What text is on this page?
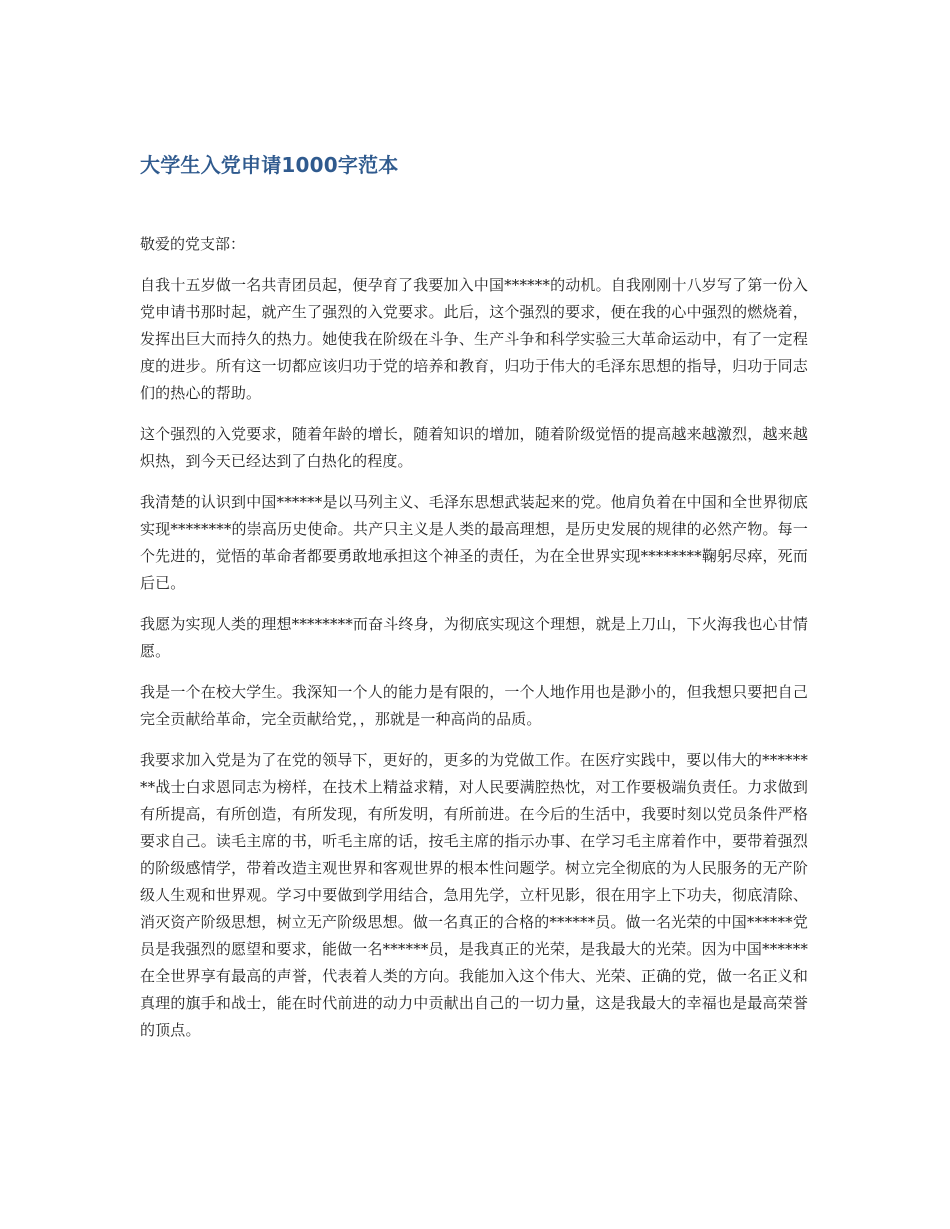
大学生入党申请1000字范本

敬爱的党支部：

自我十五岁做一名共青团员起，便孕育了我要加入中国******的动机。自我刚刚十八岁写了第一份入党申请书那时起，就产生了强烈的入党要求。此后，这个强烈的要求，便在我的心中强烈的燃烧着，发挥出巨大而持久的热力。她使我在阶级在斗争、生产斗争和科学实验三大革命运动中，有了一定程度的进步。所有这一切都应该归功于党的培养和教育，归功于伟大的毛泽东思想的指导，归功于同志们的热心的帮助。

这个强烈的入党要求，随着年龄的增长，随着知识的增加，随着阶级觉悟的提高越来越激烈，越来越炽热，到今天已经达到了白热化的程度。

我清楚的认识到中国******是以马列主义、毛泽东思想武装起来的党。他肩负着在中国和全世界彻底实现********的崇高历史使命。共产只主义是人类的最高理想，是历史发展的规律的必然产物。每一个先进的，觉悟的革命者都要勇敢地承担这个神圣的责任，为在全世界实现********鞠躬尽瘁，死而后已。

我愿为实现人类的理想********而奋斗终身，为彻底实现这个理想，就是上刀山，下火海我也心甘情愿。

我是一个在校大学生。我深知一个人的能力是有限的，一个人地作用也是渺小的，但我想只要把自己完全贡献给革命，完全贡献给党，，那就是一种高尚的品质。

我要求加入党是为了在党的领导下，更好的，更多的为党做工作。在医疗实践中，要以伟大的********战士白求恩同志为榜样，在技术上精益求精，对人民要满腔热忱，对工作要极端负责任。力求做到有所提高，有所创造，有所发现，有所发明，有所前进。在今后的生活中，我要时刻以党员条件严格要求自己。读毛主席的书，听毛主席的话，按毛主席的指示办事、在学习毛主席着作中，要带着强烈的阶级感情学，带着改造主观世界和客观世界的根本性问题学。树立完全彻底的为人民服务的无产阶级人生观和世界观。学习中要做到学用结合，急用先学，立杆见影，很在用字上下功夫，彻底清除、消灭资产阶级思想，树立无产阶级思想。做一名真正的合格的******员。做一名光荣的中国******党员是我强烈的愿望和要求，能做一名******员，是我真正的光荣，是我最大的光荣。因为中国******在全世界享有最高的声誉，代表着人类的方向。我能加入这个伟大、光荣、正确的党，做一名正义和真理的旗手和战士，能在时代前进的动力中贡献出自己的一切力量，这是我最大的幸福也是最高荣誉的顶点。
